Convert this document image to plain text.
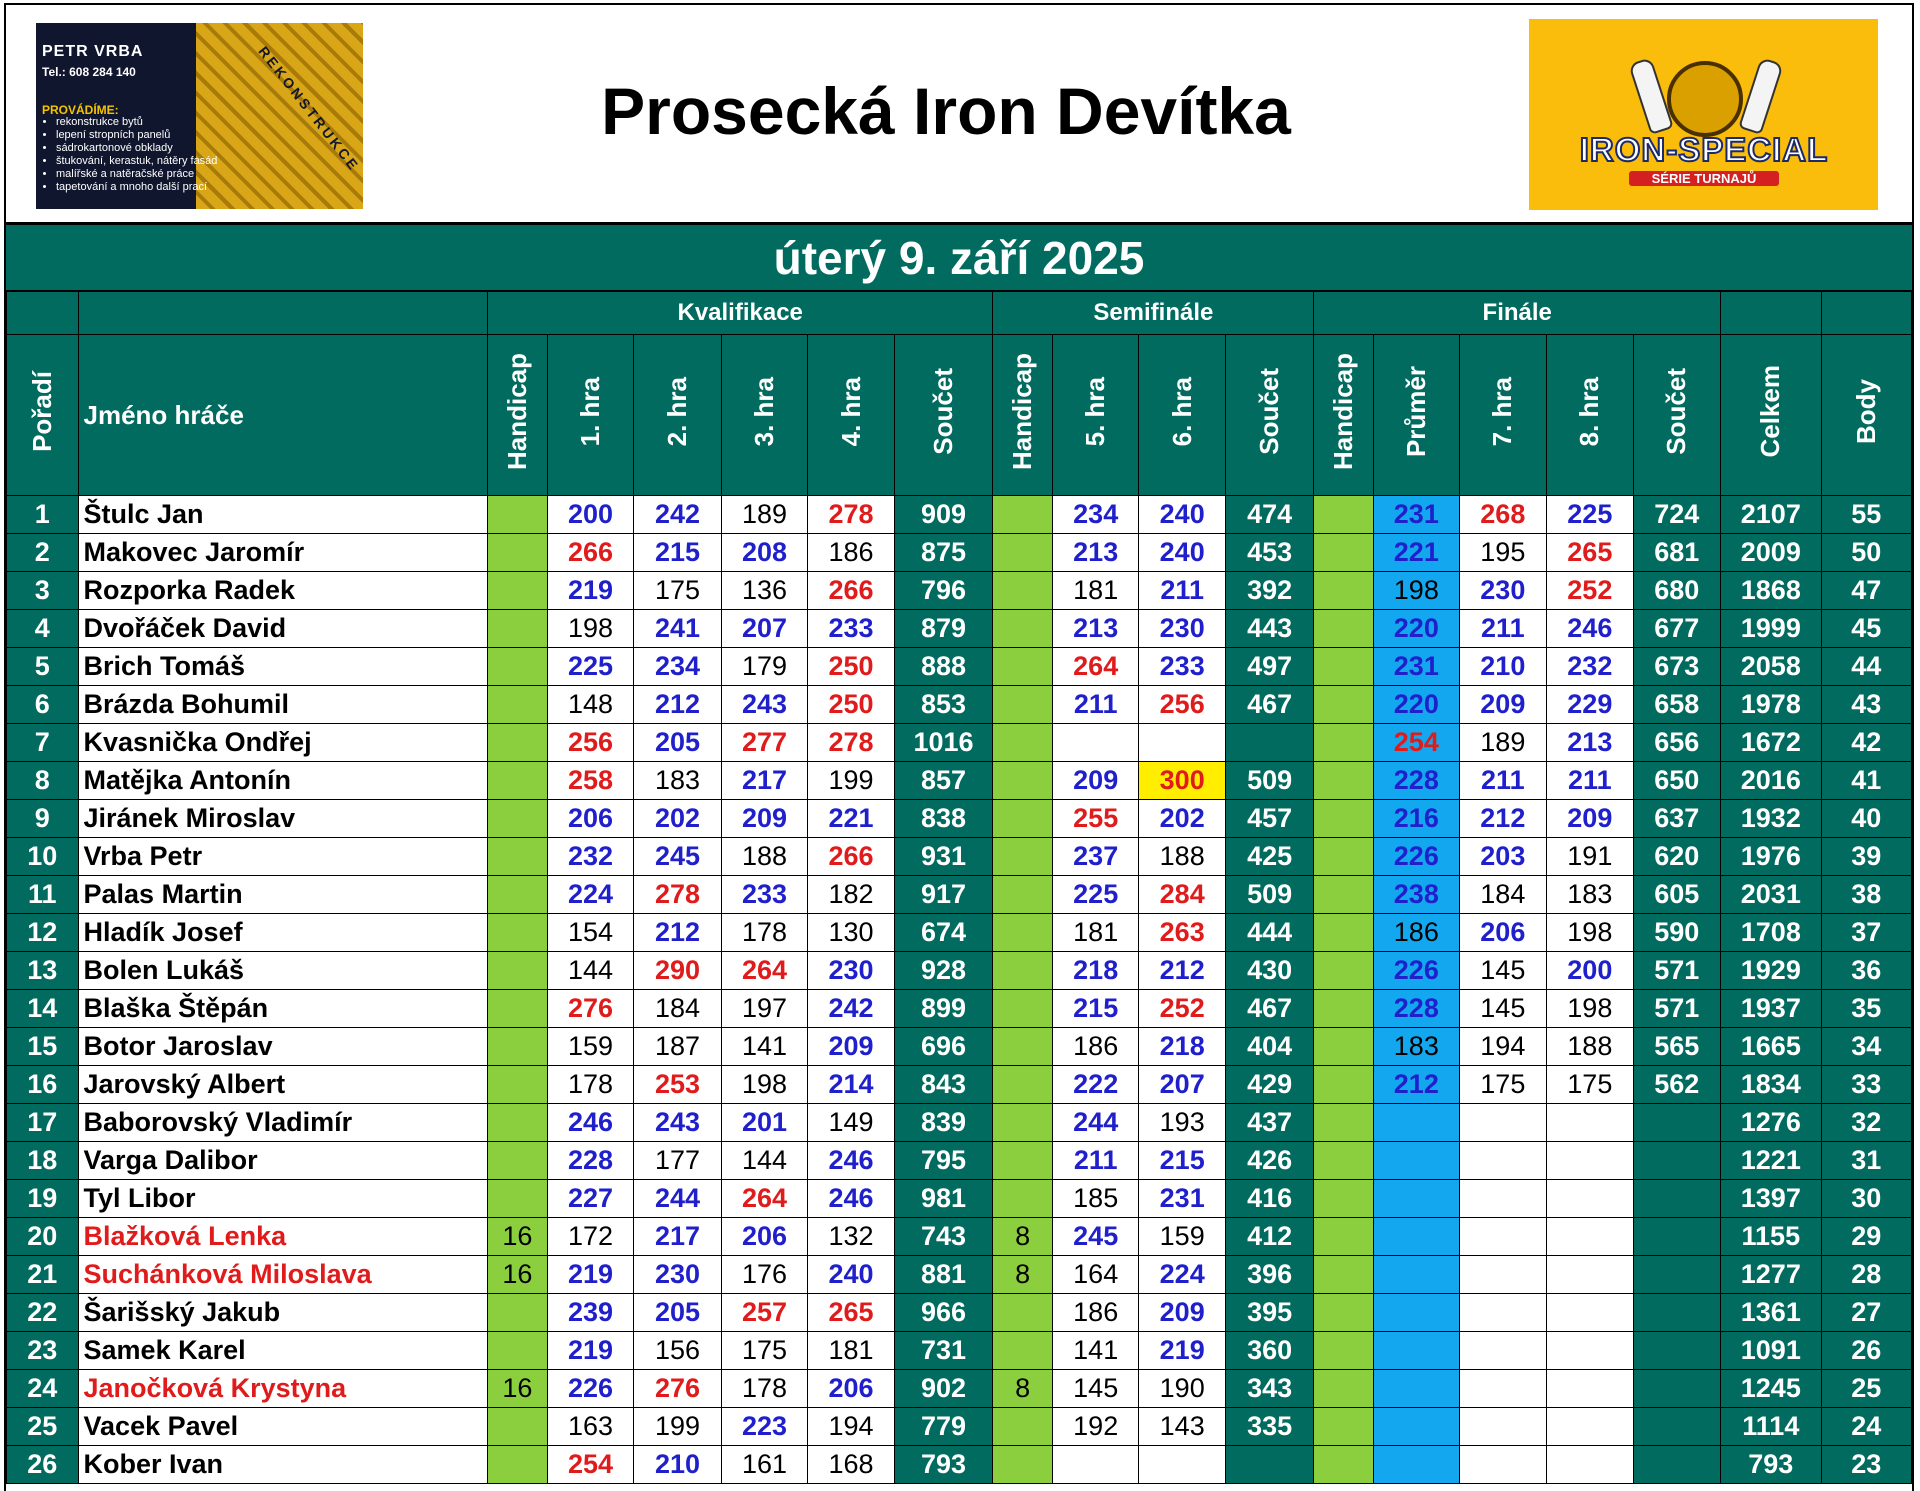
PETR VRBA
Tel.: 608 284 140
PROVÁDÍME:
• rekonstrukce bytů
• lepení stropních panelů
• sádrokartonové obklady
• štukování, kerastuk, nátěry fasád
• malířské a natěračské práce
• tapetování a mnoho další prací
REKONSTRUKCE	Prosecká Iron Devítka
IRON-SPECIAL
SÉRIE TURNAJŮ
úterý 9. září 2025
		Kvalifikace						Semifinále				Finále						
Pořadí	Jméno hráče	Handicap	1. hra	2. hra	3. hra	4. hra	Součet	Handicap	5. hra	6. hra	Součet	Handicap	Průměr	7. hra	8. hra	Součet	Celkem	Body
1	Štulc Jan		200	242	189	278	909		234	240	474		231	268	225	724	2107	55
2	Makovec Jaromír		266	215	208	186	875		213	240	453		221	195	265	681	2009	50
3	Rozporka Radek		219	175	136	266	796		181	211	392		198	230	252	680	1868	47
4	Dvořáček David		198	241	207	233	879		213	230	443		220	211	246	677	1999	45
5	Brich Tomáš		225	234	179	250	888		264	233	497		231	210	232	673	2058	44
6	Brázda Bohumil		148	212	243	250	853		211	256	467		220	209	229	658	1978	43
7	Kvasnička Ondřej		256	205	277	278	1016						254	189	213	656	1672	42
8	Matějka Antonín		258	183	217	199	857		209	300	509		228	211	211	650	2016	41
9	Jiránek Miroslav		206	202	209	221	838		255	202	457		216	212	209	637	1932	40
10	Vrba Petr		232	245	188	266	931		237	188	425		226	203	191	620	1976	39
11	Palas Martin		224	278	233	182	917		225	284	509		238	184	183	605	2031	38
12	Hladík Josef		154	212	178	130	674		181	263	444		186	206	198	590	1708	37
13	Bolen Lukáš		144	290	264	230	928		218	212	430		226	145	200	571	1929	36
14	Blaška Štěpán		276	184	197	242	899		215	252	467		228	145	198	571	1937	35
15	Botor Jaroslav		159	187	141	209	696		186	218	404		183	194	188	565	1665	34
16	Jarovský Albert		178	253	198	214	843		222	207	429		212	175	175	562	1834	33
17	Baborovský Vladimír		246	243	201	149	839		244	193	437						1276	32
18	Varga Dalibor		228	177	144	246	795		211	215	426						1221	31
19	Tyl Libor		227	244	264	246	981		185	231	416						1397	30
20	Blažková Lenka	16	172	217	206	132	743	8	245	159	412						1155	29
21	Suchánková Miloslava	16	219	230	176	240	881	8	164	224	396						1277	28
22	Šarišský Jakub		239	205	257	265	966		186	209	395						1361	27
23	Samek Karel		219	156	175	181	731		141	219	360						1091	26
24	Janočková Krystyna	16	226	276	178	206	902	8	145	190	343						1245	25
25	Vacek Pavel		163	199	223	194	779		192	143	335						1114	24
26	Kober Ivan		254	210	161	168	793										793	23
